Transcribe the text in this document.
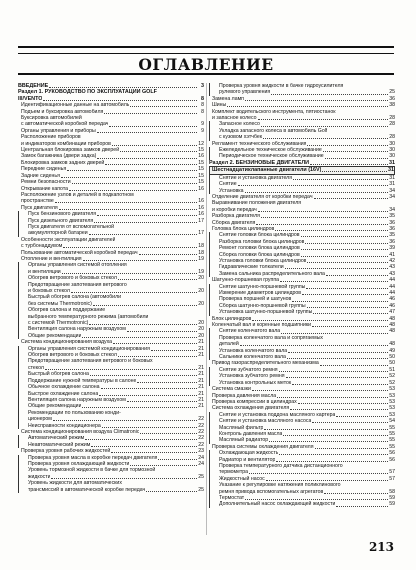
ОГЛАВЛЕНИЕ
ВВЕДЕНИЕ	3
Раздел 1. РУКОВОДСТВО ПО ЭКСПЛУАТАЦИИ GOLF
III/VENTO	8
Идентификационные данные на автомобиль	8
Подъем и буксировка автомобиля	8
Буксировка автомобилей
с автоматической коробкой передач	9
Органы управления и приборы	9
Расположение приборов
и индикаторов комбинации приборов	12
Центральная блокировка замков дверей	15
Замок багажника (двери задка)	16
Блокировка замков задних дверей	15
Передние сиденья	15
Задние сиденья	15
Ремни безопасности	15
Открывание капота	16
Расположение узлов и деталей в подкапотном
пространстве	16
Пуск двигателя	16
Пуск бензинового двигателя	16
Пуск дизельного двигателя	17
Пуск двигателя от вспомогательной
аккумуляторной батареи	17
Особенности эксплуатации двигателей
с турбонаддувом	18
Пользование автоматической коробкой передач	18
Отопление и вентиляция	19
Органы управления системой отопления
и вентиляции	19
Обогрев ветрового и боковых стекол	20
Предотвращение запотевания ветрового
и боковых стекол	20
Быстрый обогрев салона (автомобили
без системы Thermotronic)	20
Обогрев салона и поддержание
выбранного температурного режима (автомобили
с системой Thermotronic)	20
Вентиляция салона наружным воздухом	20
Общие рекомендации	20
Система кондиционирования воздуха	21
Органы управления системой кондиционирования	21
Обогрев ветрового и боковых стекол	21
Предотвращение запотевания ветрового и боковых
стекол	21
Быстрый обогрев салона	21
Поддержание нужной температуры в салоне	21
Обычное охлаждение салона	21
Быстрое охлаждение салона	21
Вентиляция салона наружным воздухом	21
Общие рекомендации	21
Рекомендации по пользованию конди-
ционером	22
Неисправности кондиционера	22
Система кондиционирования воздуха Climatronic	22
Автоматический режим	22
Неавтоматический режим	22
Проверка уровня рабочих жидкостей	23
Проверка уровня масла в коробке передач двигателя	24
Проверка уровня охлаждающей жидкости	24
Уровень тормозной жидкости в бачке для тормозной
жидкости	25
Уровень жидкости для автоматических
трансмиссий в автоматической коробке передач	25
Проверка уровня жидкости в бачке гидроусилителя
рулевого управления	25
Замена ламп	36
Шины	38
Комплект водительского инструмента, пятиостанок
и запасное колесо	28
Запасное колесо	28
Укладка запасного колеса в автомобиль Golf
с кузовом хэтчбек	28
Регламент технического обслуживания	30
Ежеледельное техническое обслуживание	30
Периодическое техническое обслуживание	30
Раздел 2. БЕНЗИНОВЫЕ ДВИГАТЕЛИ	31
Шестнадцатиклапанные двигатели (16V)	31
Снятие и установка двигателя	31
Снятие	31
Установка	34
Отделение двигателя от коробки передач	34
Выравнивание положения двигателя
и коробки передач	34
Разборка двигателя	35
Сборка двигателя	36
Головка блока цилиндров	36
Снятие головки блока цилиндров	35
Разборка головки блока цилиндров	36
Ремонт головки блока цилиндров	39
Сборка головки блока цилиндров	41
Установка головки блока цилиндров	42
Гидравлические толкатели	43
Замена сальника распределительного вала	43
Шатунно-поршневая группа	44
Снятие шатунно-поршневой группы	44
Измерение диаметров цилиндров	44
Проверка поршней и шатунов	46
Сборка шатунно-поршневой группы	46
Установка шатунно-поршневой группы	47
Блок цилиндров	48
Коленчатый вал и коренные подшипники	48
Снятие коленчатого вала	48
Проверка коленчатого вала и сопрягаемых
деталей	48
Установка коленчатого вала	49
Сальники коленчатого вала	50
Привод газораспределительного механизма	50
Снятие зубчатого ремня	51
Установка зубчатого ремня	52
Установка контрольных меток	52
Система смазки	53
Проверка давления масла	53
Проверка компрессии в цилиндрах	53
Система охлаждения двигателя	53
Снятие и установка поддона масляного картера	53
Снятие и установка масляного насоса	54
Масляный фильтр	55
Контроль давления масла	55
Масляный радиатор	55
Проверка системы охлаждения двигателя	55
Охлаждающая жидкость	56
Радиатор и вентилятор	56
Проверка температурного датчика дистанционного
термометра	57
Жидкостный насос	57
Указание к регулировке натяжения поликлинового
ремня привода вспомогательных агрегатов	58
Термостат	59
Дополнительный насос охлаждающей жидкости	59
213
